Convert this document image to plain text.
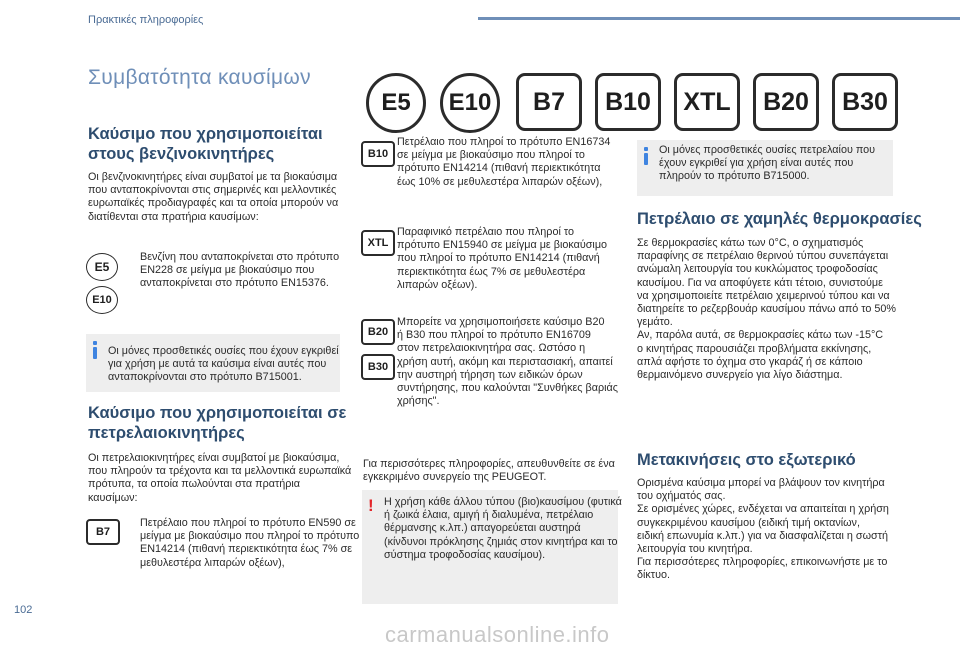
Πρακτικές πληροφορίες
Συμβατότητα καυσίμων
E5	E10	B7	B10	XTL	B20	B30
Καύσιμο που χρησιμοποιείται
στους βενζινοκινητήρες
Οι βενζινοκινητήρες είναι συμβατοί με τα βιοκαύσιμα
που ανταποκρίνονται στις σημερινές και μελλοντικές
ευρωπαϊκές προδιαγραφές και τα οποία μπορούν να
διατίθενται στα πρατήρια καυσίμων:
E5
E10
Βενζίνη που ανταποκρίνεται στο πρότυπο
EN228 σε μείγμα με βιοκαύσιμο που
ανταποκρίνεται στο πρότυπο EN15376.
Οι μόνες προσθετικές ουσίες που έχουν εγκριθεί
για χρήση με αυτά τα καύσιμα είναι αυτές που
ανταποκρίνονται στο πρότυπο B715001.
Καύσιμο που χρησιμοποιείται σε
πετρελαιοκινητήρες
Οι πετρελαιοκινητήρες είναι συμβατοί με βιοκαύσιμα,
που πληρούν τα τρέχοντα και τα μελλοντικά ευρωπαϊκά
πρότυπα, τα οποία πωλούνται στα πρατήρια
καυσίμων:
B7
Πετρέλαιο που πληροί το πρότυπο EN590 σε
μείγμα με βιοκαύσιμο που πληροί το πρότυπο
EN14214 (πιθανή περιεκτικότητα έως 7% σε
μεθυλεστέρα λιπαρών οξέων),
B10
Πετρέλαιο που πληροί το πρότυπο EN16734
σε μείγμα με βιοκαύσιμο που πληροί το
πρότυπο EN14214 (πιθανή περιεκτικότητα
έως 10% σε μεθυλεστέρα λιπαρών οξέων),
XTL
Παραφινικό πετρέλαιο που πληροί το
πρότυπο EN15940 σε μείγμα με βιοκαύσιμο
που πληροί το πρότυπο EN14214 (πιθανή
περιεκτικότητα έως 7% σε μεθυλεστέρα
λιπαρών οξέων).
B20
B30
Μπορείτε να χρησιμοποιήσετε καύσιμο B20
ή B30 που πληροί το πρότυπο EN16709
στον πετρελαιοκινητήρα σας. Ωστόσο η
χρήση αυτή, ακόμη και περιστασιακή, απαιτεί
την αυστηρή τήρηση των ειδικών όρων
συντήρησης, που καλούνται "Συνθήκες βαριάς
χρήσης".
Για περισσότερες πληροφορίες, απευθυνθείτε σε ένα
εγκεκριμένο συνεργείο της PEUGEOT.
! Η χρήση κάθε άλλου τύπου (βιο)καυσίμου (φυτικά
ή ζωικά έλαια, αμιγή ή διαλυμένα, πετρέλαιο
θέρμανσης κ.λπ.) απαγορεύεται αυστηρά
(κίνδυνοι πρόκλησης ζημιάς στον κινητήρα και το
σύστημα τροφοδοσίας καυσίμου).
Οι μόνες προσθετικές ουσίες πετρελαίου που
έχουν εγκριθεί για χρήση είναι αυτές που
πληρούν το πρότυπο B715000.
Πετρέλαιο σε χαμηλές θερμοκρασίες
Σε θερμοκρασίες κάτω των 0°C, ο σχηματισμός
παραφίνης σε πετρέλαιο θερινού τύπου συνεπάγεται
ανώμαλη λειτουργία του κυκλώματος τροφοδοσίας
καυσίμου. Για να αποφύγετε κάτι τέτοιο, συνιστούμε
να χρησιμοποιείτε πετρέλαιο χειμερινού τύπου και να
διατηρείτε το ρεζερβουάρ καυσίμου πάνω από το 50%
γεμάτο.
Αν, παρόλα αυτά, σε θερμοκρασίες κάτω των -15°C
ο κινητήρας παρουσιάζει προβλήματα εκκίνησης,
απλά αφήστε το όχημα στο γκαράζ ή σε κάποιο
θερμαινόμενο συνεργείο για λίγο διάστημα.
Μετακινήσεις στο εξωτερικό
Ορισμένα καύσιμα μπορεί να βλάψουν τον κινητήρα
του οχήματός σας.
Σε ορισμένες χώρες, ενδέχεται να απαιτείται η χρήση
συγκεκριμένου καυσίμου (ειδική τιμή οκτανίων,
ειδική επωνυμία κ.λπ.) για να διασφαλίζεται η σωστή
λειτουργία του κινητήρα.
Για περισσότερες πληροφορίες, επικοινωνήστε με το
δίκτυο.
102
carmanualsonline.info
